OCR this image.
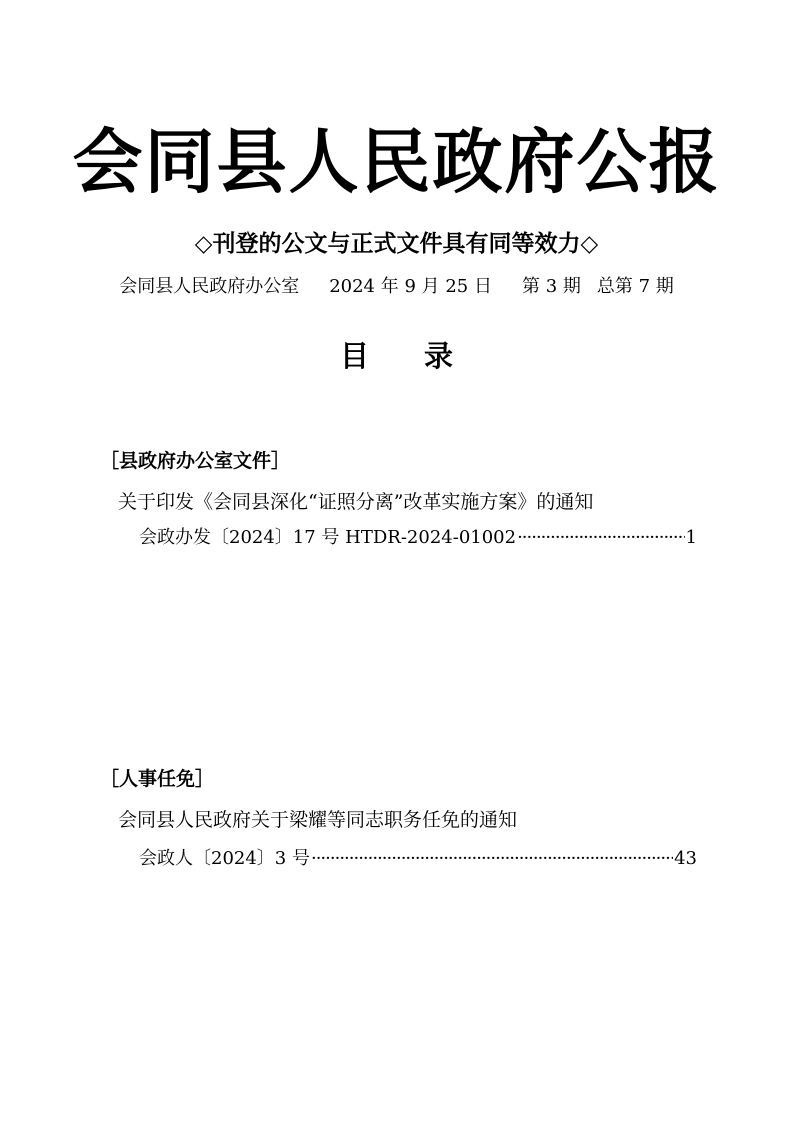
会同县人民政府公报
◇刊登的公文与正式文件具有同等效力◇
会同县人民政府办公室 2024 年 9 月 25 日 第 3 期 总第 7 期
目录
［县政府办公室文件］
关于印发《会同县深化“证照分离”改革实施方案》的通知
会政办发〔2024〕17 号 HTDR-2024-01002 ·····	1
［人事任免］
会同县人民政府关于梁耀等同志职务任免的通知
会政人〔2024〕3 号 ·····	43
